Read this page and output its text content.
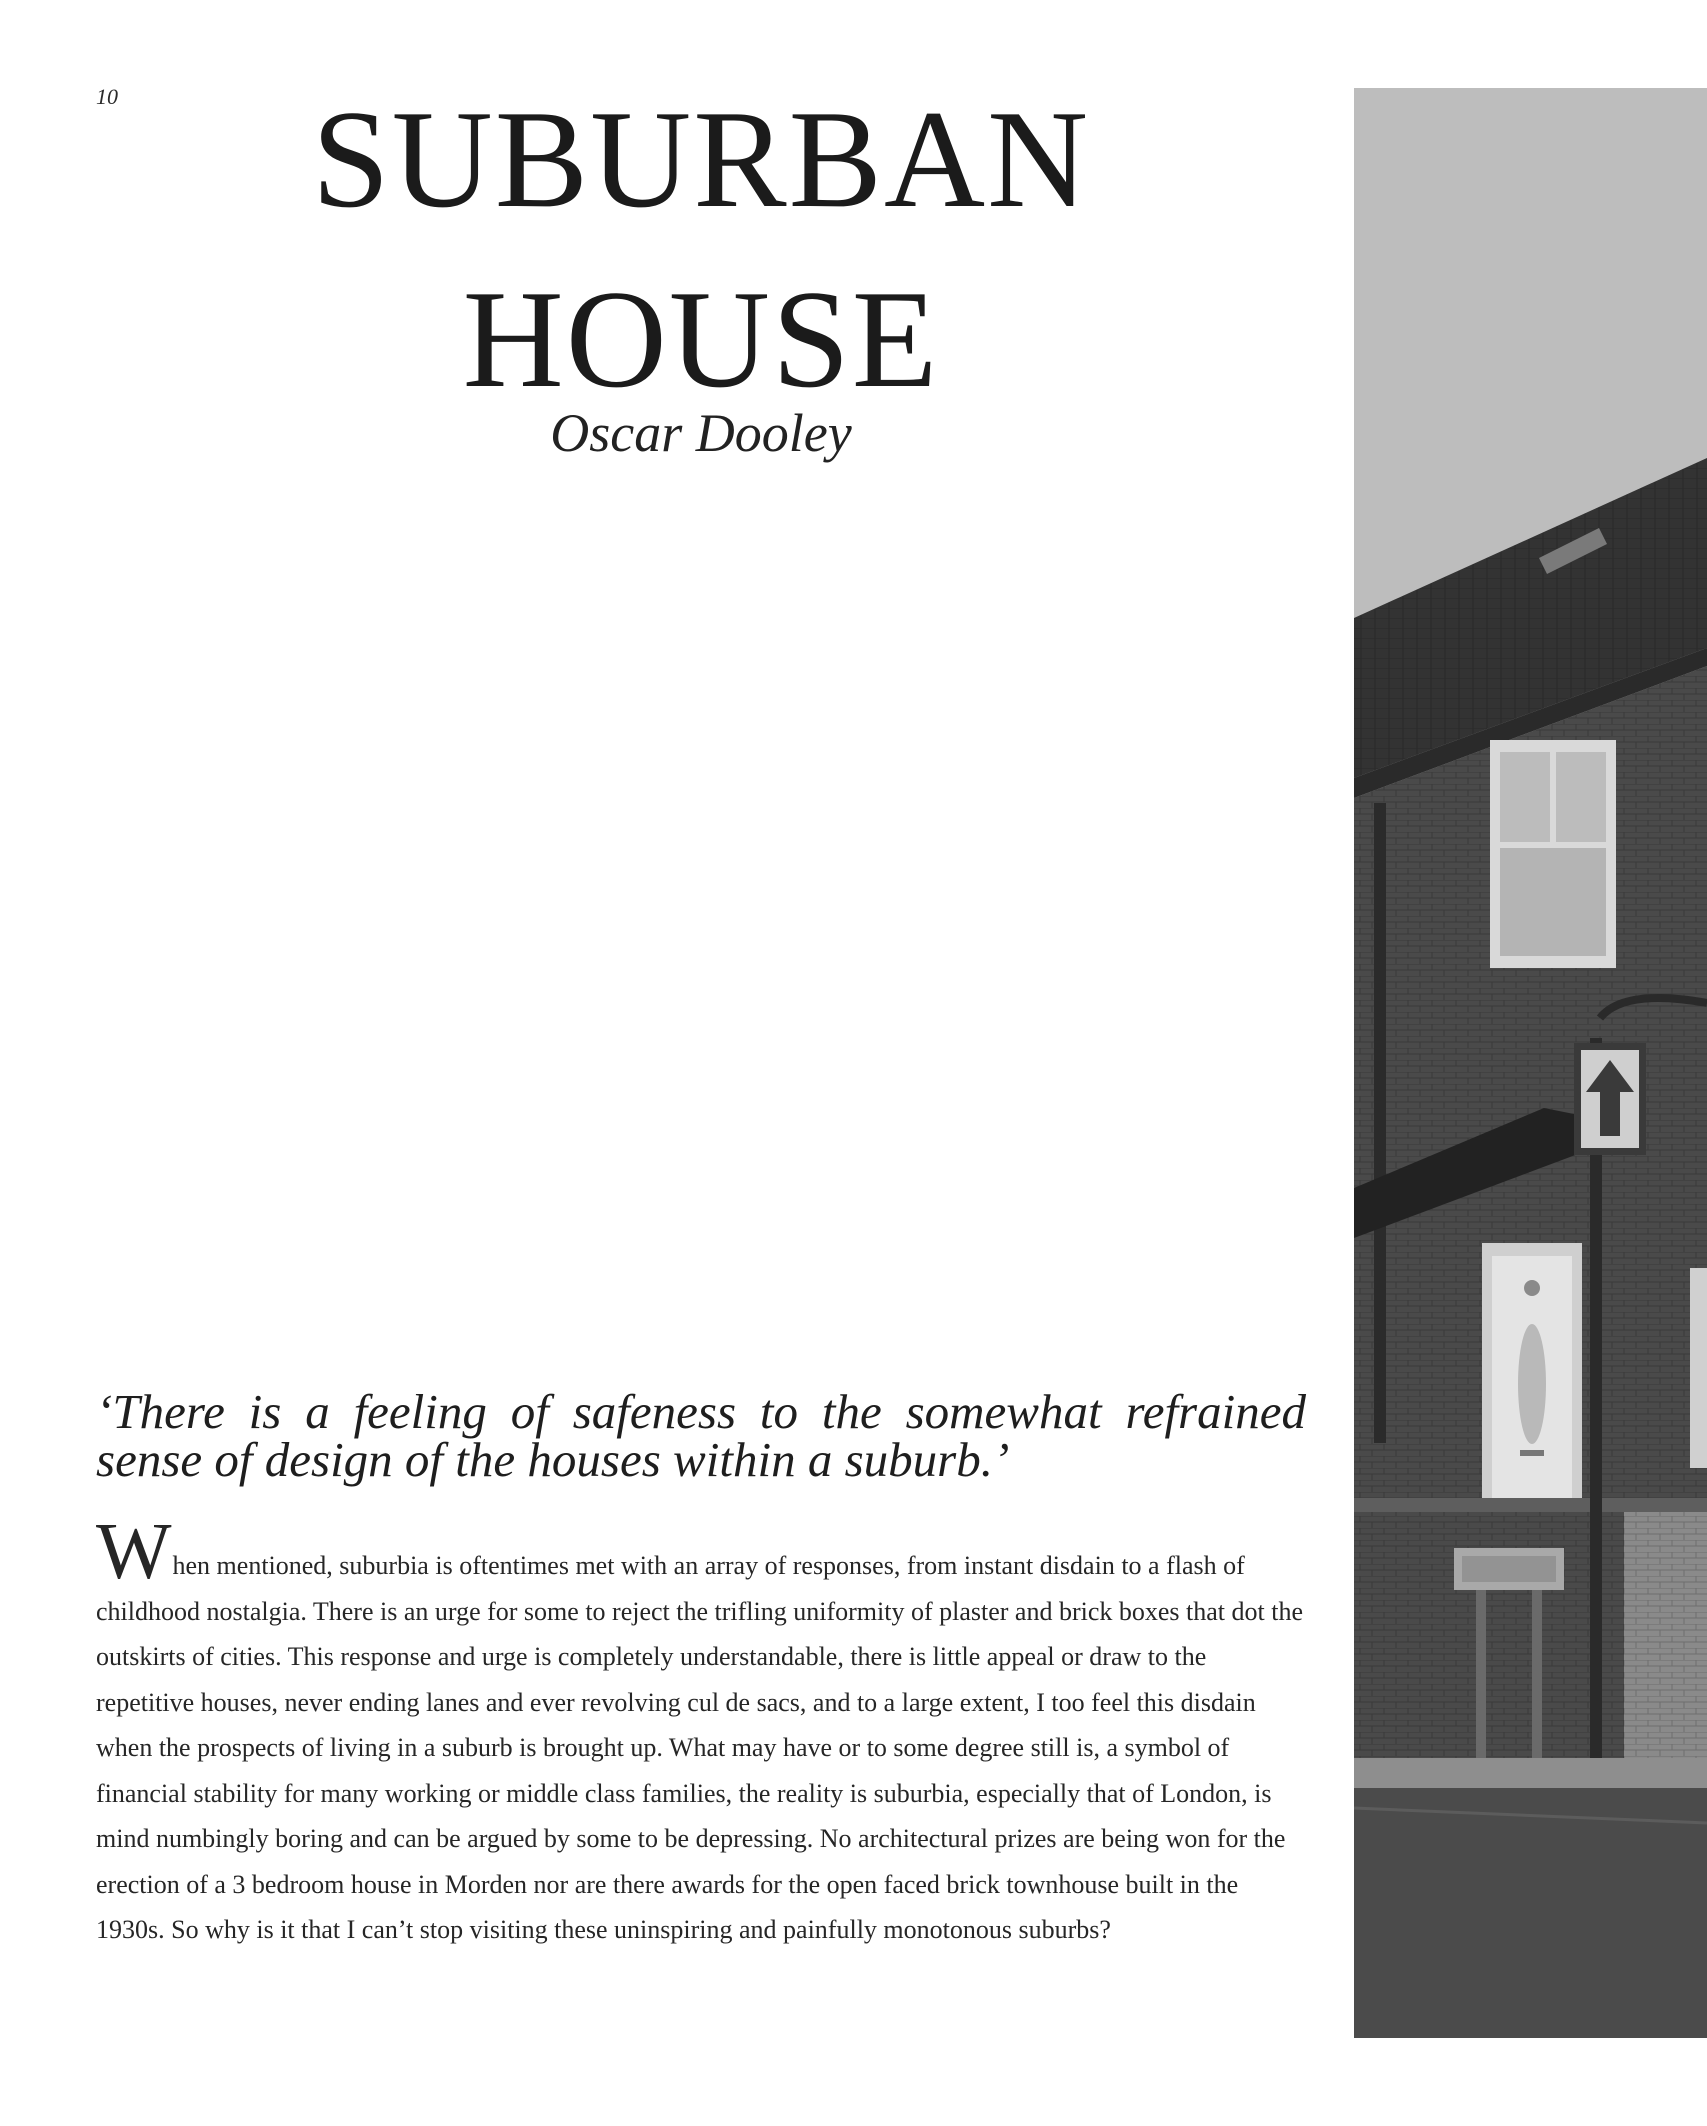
10	SUBURBAN HOUSE
Oscar Dooley

‘There is a feeling of safeness to the somewhat refrained sense of design of the houses within a suburb.’

When mentioned, suburbia is oftentimes met with an array of responses, from instant disdain to a flash of childhood nostalgia. There is an urge for some to reject the trifling uniformity of plaster and brick boxes that dot the outskirts of cities. This response and urge is completely understandable, there is little appeal or draw to the repetitive houses, never ending lanes and ever revolving cul de sacs, and to a large extent, I too feel this disdain when the prospects of living in a suburb is brought up. What may have or to some degree still is, a symbol of financial stability for many working or middle class families, the reality is suburbia, especially that of London, is mind numbingly boring and can be argued by some to be depressing. No architectural prizes are being won for the erection of a 3 bedroom house in Morden nor are there awards for the open faced brick townhouse built in the 1930s. So why is it that I can’t stop visiting these uninspiring and painfully monotonous suburbs?
